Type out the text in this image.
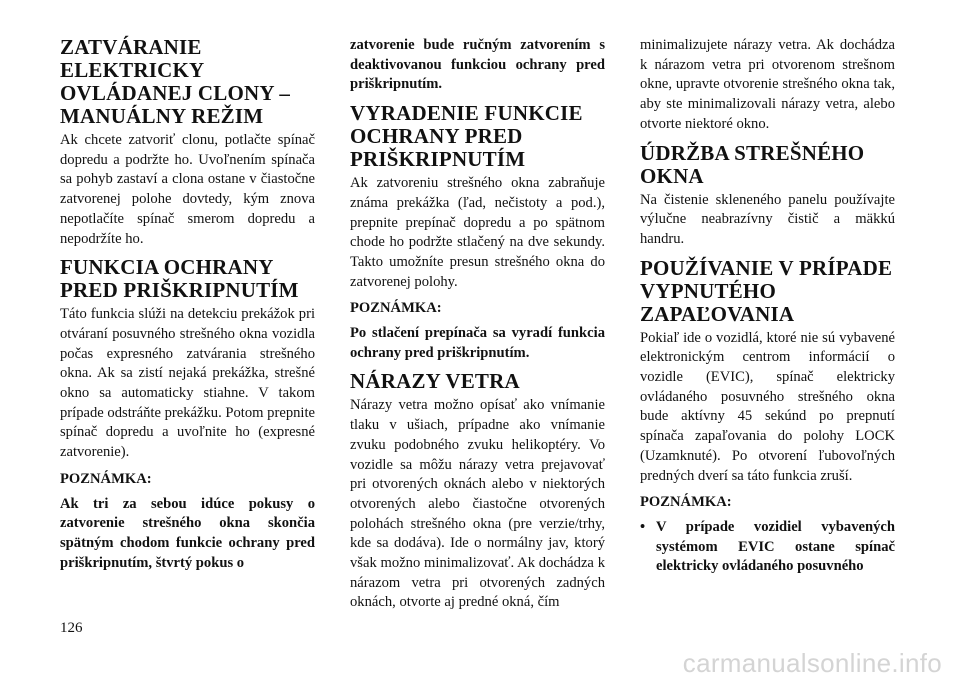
ZATVÁRANIE ELEKTRICKY OVLÁDANEJ CLONY – MANUÁLNY REŽIM

Ak chcete zatvoriť clonu, potlačte spínač dopredu a podržte ho. Uvoľnením spínača sa pohyb zastaví a clona ostane v čiastočne zatvorenej polohe dovtedy, kým znova nepotlačíte spínač smerom dopredu a nepodržíte ho.

FUNKCIA OCHRANY PRED PRIŠKRIPNUTÍM

Táto funkcia slúži na detekciu prekážok pri otváraní posuvného strešného okna vozidla počas expresného zatvárania strešného okna. Ak sa zistí nejaká prekážka, strešné okno sa automaticky stiahne. V takom prípade odstráňte prekážku. Potom prepnite spínač dopredu a uvoľnite ho (expresné zatvorenie).

POZNÁMKA:

Ak tri za sebou idúce pokusy o zatvorenie strešného okna skončia spätným chodom funkcie ochrany pred priškripnutím, štvrtý pokus o

zatvorenie bude ručným zatvorením s deaktivovanou funkciou ochrany pred priškripnutím.

VYRADENIE FUNKCIE OCHRANY PRED PRIŠKRIPNUTÍM

Ak zatvoreniu strešného okna zabraňuje známa prekážka (ľad, nečistoty a pod.), prepnite prepínač dopredu a po spätnom chode ho podržte stlačený na dve sekundy. Takto umožníte presun strešného okna do zatvorenej polohy.

POZNÁMKA:

Po stlačení prepínača sa vyradí funkcia ochrany pred priškripnutím.

NÁRAZY VETRA

Nárazy vetra možno opísať ako vnímanie tlaku v ušiach, prípadne ako vnímanie zvuku podobného zvuku helikoptéry. Vo vozidle sa môžu nárazy vetra prejavovať pri otvorených oknách alebo v niektorých otvorených alebo čiastočne otvorených polohách strešného okna (pre verzie/trhy, kde sa dodáva). Ide o normálny jav, ktorý však možno minimalizovať. Ak dochádza k nárazom vetra pri otvorených zadných oknách, otvorte aj predné okná, čím

minimalizujete nárazy vetra. Ak dochádza k nárazom vetra pri otvorenom strešnom okne, upravte otvorenie strešného okna tak, aby ste minimalizovali nárazy vetra, alebo otvorte niektoré okno.

ÚDRŽBA STREŠNÉHO OKNA

Na čistenie skleneného panelu používajte výlučne neabrazívny čistič a mäkkú handru.

POUŽÍVANIE V PRÍPADE VYPNUTÉHO ZAPAĽOVANIA

Pokiaľ ide o vozidlá, ktoré nie sú vybavené elektronickým centrom informácií o vozidle (EVIC), spínač elektricky ovládaného posuvného strešného okna bude aktívny 45 sekúnd po prepnutí spínača zapaľovania do polohy LOCK (Uzamknuté). Po otvorení ľubovoľných predných dverí sa táto funkcia zruší.

POZNÁMKA:

• V prípade vozidiel vybavených systémom EVIC ostane spínač elektricky ovládaného posuvného
126
carmanualsonline.info
